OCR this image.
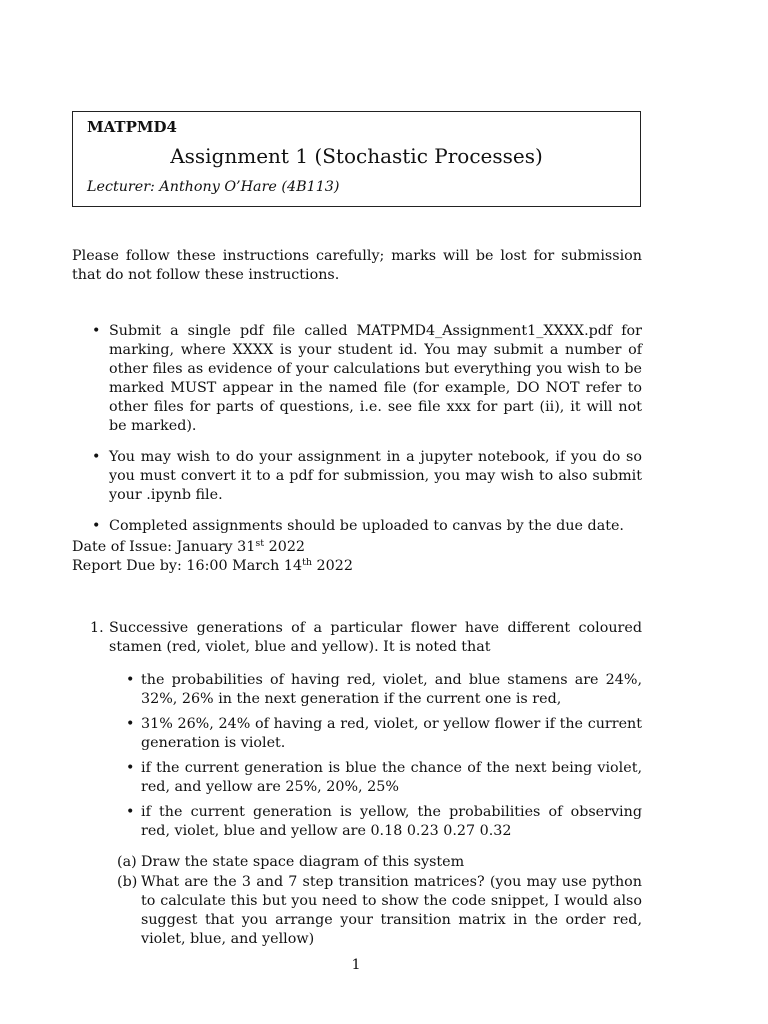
MATPMD4
Assignment 1 (Stochastic Processes)
Lecturer: Anthony O’Hare (4B113)
Please follow these instructions carefully; marks will be lost for submission that do not follow these instructions.
• Submit a single pdf file called MATPMD4_Assignment1_XXXX.pdf for marking, where XXXX is your student id. You may submit a number of other files as evidence of your calculations but everything you wish to be marked MUST appear in the named file (for example, DO NOT refer to other files for parts of questions, i.e. see file xxx for part (ii), it will not be marked).
• You may wish to do your assignment in a jupyter notebook, if you do so you must convert it to a pdf for submission, you may wish to also submit your .ipynb file.
• Completed assignments should be uploaded to canvas by the due date.
Date of Issue: January 31st 2022
Report Due by: 16:00 March 14th 2022
1. Successive generations of a particular flower have different coloured stamen (red, violet, blue and yellow). It is noted that
• the probabilities of having red, violet, and blue stamens are 24%, 32%, 26% in the next generation if the current one is red,
• 31% 26%, 24% of having a red, violet, or yellow flower if the current generation is violet.
• if the current generation is blue the chance of the next being violet, red, and yellow are 25%, 20%, 25%
• if the current generation is yellow, the probabilities of observing red, violet, blue and yellow are 0.18 0.23 0.27 0.32
(a) Draw the state space diagram of this system
(b) What are the 3 and 7 step transition matrices? (you may use python to calculate this but you need to show the code snippet, I would also suggest that you arrange your transition matrix in the order red, violet, blue, and yellow)
1
